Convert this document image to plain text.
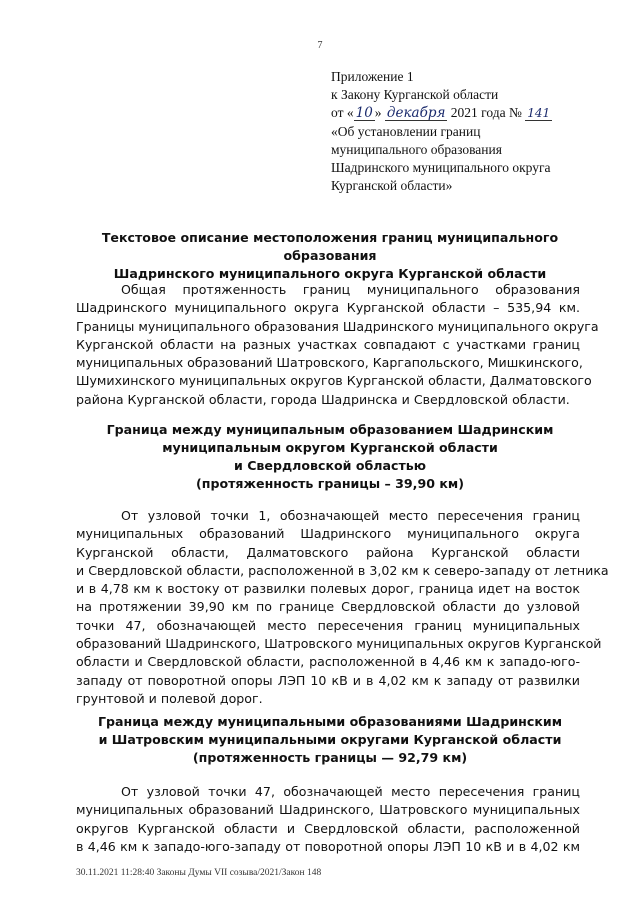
7
Приложение 1
к Закону Курганской области
от « 10 » декабря 2021 года № 141
«Об установлении границ
муниципального образования
Шадринского муниципального округа
Курганской области»
Текстовое описание местоположения границ муниципального образования
Шадринского муниципального округа Курганской области
Общая протяженность границ муниципального образования
Шадринского муниципального округа Курганской области – 535,94 км.
Границы муниципального образования Шадринского муниципального округа
Курганской области на разных участках совпадают с участками границ
муниципальных образований Шатровского, Каргапольского, Мишкинского,
Шумихинского муниципальных округов Курганской области, Далматовского
района Курганской области, города Шадринска и Свердловской области.
Граница между муниципальным образованием Шадринским
муниципальным округом Курганской области
и Свердловской областью
(протяженность границы – 39,90 км)
От узловой точки 1, обозначающей место пересечения границ
муниципальных образований Шадринского муниципального округа
Курганской области, Далматовского района Курганской области
и Свердловской области, расположенной в 3,02 км к северо-западу от летника
и в 4,78 км к востоку от развилки полевых дорог, граница идет на восток
на протяжении 39,90 км по границе Свердловской области до узловой
точки 47, обозначающей место пересечения границ муниципальных
образований Шадринского, Шатровского муниципальных округов Курганской
области и Свердловской области, расположенной в 4,46 км к западо-юго-
западу от поворотной опоры ЛЭП 10 кВ и в 4,02 км к западу от развилки
грунтовой и полевой дорог.
Граница между муниципальными образованиями Шадринским
и Шатровским муниципальными округами Курганской области
(протяженность границы — 92,79 км)
От узловой точки 47, обозначающей место пересечения границ
муниципальных образований Шадринского, Шатровского муниципальных
округов Курганской области и Свердловской области, расположенной
в 4,46 км к западо-юго-западу от поворотной опоры ЛЭП 10 кВ и в 4,02 км
30.11.2021 11:28:40 Законы Думы VII созыва/2021/Закон 148
